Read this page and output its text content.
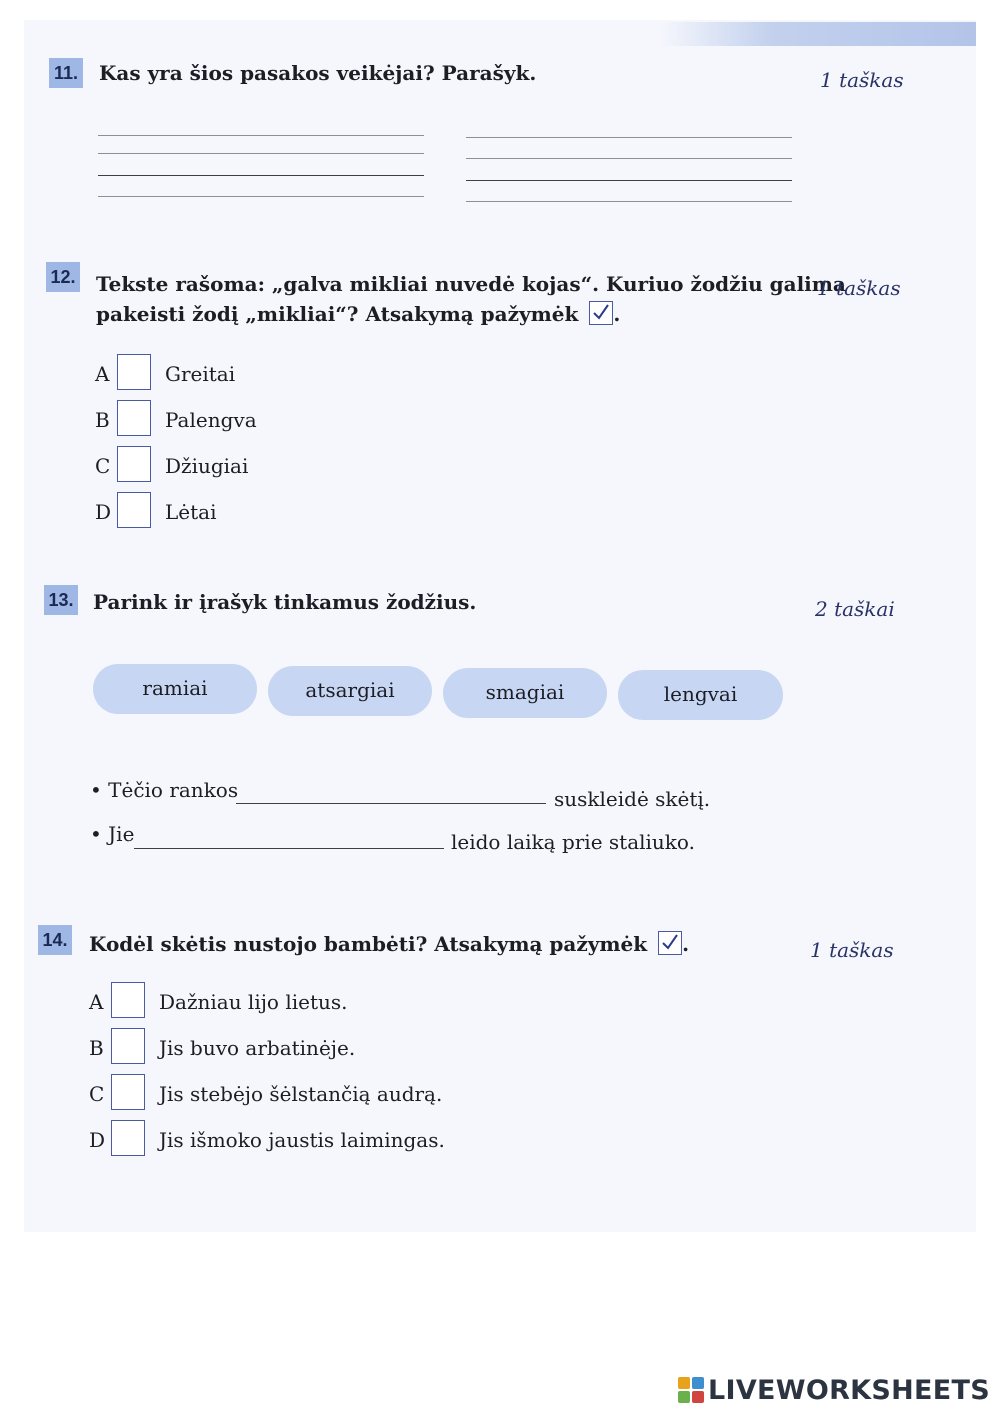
11. Kas yra šios pasakos veikėjai? Parašyk.	1 taškas
12. Tekste rašoma: „galva mikliai nuvedė kojas“. Kuriuo žodžiu galima
pakeisti žodį „mikliai“? Atsakymą pažymėk .
1 taškas
A	Greitai
B	Palengva
C	Džiugiai
D	Lėtai
13. Parink ir įrašyk tinkamus žodžius.	2 taškai
ramiai	atsargiai	smagiai	lengvai
• Tėčio rankos	suskleidė skėtį.
• Jie	leido laiką prie staliuko.
14. Kodėl skėtis nustojo bambėti? Atsakymą pažymėk .	1 taškas
A	Dažniau lijo lietus.
B	Jis buvo arbatinėje.
C	Jis stebėjo šėlstančią audrą.
D	Jis išmoko jaustis laimingas.
LIVEWORKSHEETS
